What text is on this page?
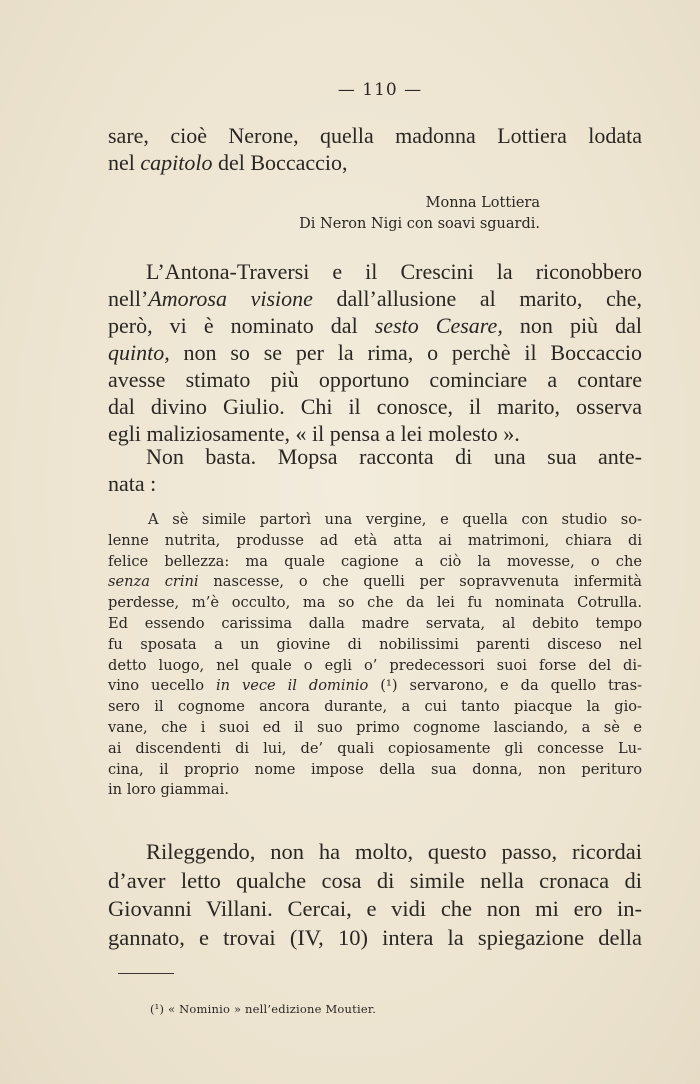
— 110 —
sare, cioè Nerone, quella madonna Lottiera lodata
nel capitolo del Boccaccio,
Monna Lottiera
Di Neron Nigi con soavi sguardi.
L’Antona-Traversi e il Crescini la riconobbero
nell’Amorosa visione dall’allusione al marito, che,
però, vi è nominato dal sesto Cesare, non più dal
quinto, non so se per la rima, o perchè il Boccaccio
avesse stimato più opportuno cominciare a contare
dal divino Giulio. Chi il conosce, il marito, osserva
egli maliziosamente, « il pensa a lei molesto ».
Non basta. Mopsa racconta di una sua ante-
nata :
A sè simile partorì una vergine, e quella con studio so-
lenne nutrita, produsse ad età atta ai matrimoni, chiara di
felice bellezza: ma quale cagione a ciò la movesse, o che
senza crini nascesse, o che quelli per sopravvenuta infermità
perdesse, m’è occulto, ma so che da lei fu nominata Cotrulla.
Ed essendo carissima dalla madre servata, al debito tempo
fu sposata a un giovine di nobilissimi parenti disceso nel
detto luogo, nel quale o egli o’ predecessori suoi forse del di-
vino uecello in vece il dominio (¹) servarono, e da quello tras-
sero il cognome ancora durante, a cui tanto piacque la gio-
vane, che i suoi ed il suo primo cognome lasciando, a sè e
ai discendenti di lui, de’ quali copiosamente gli concesse Lu-
cina, il proprio nome impose della sua donna, non perituro
in loro giammai.
Rileggendo, non ha molto, questo passo, ricordai
d’aver letto qualche cosa di simile nella cronaca di
Giovanni Villani. Cercai, e vidi che non mi ero in-
gannato, e trovai (IV, 10) intera la spiegazione della
(¹) « Nominio » nell’edizione Moutier.
